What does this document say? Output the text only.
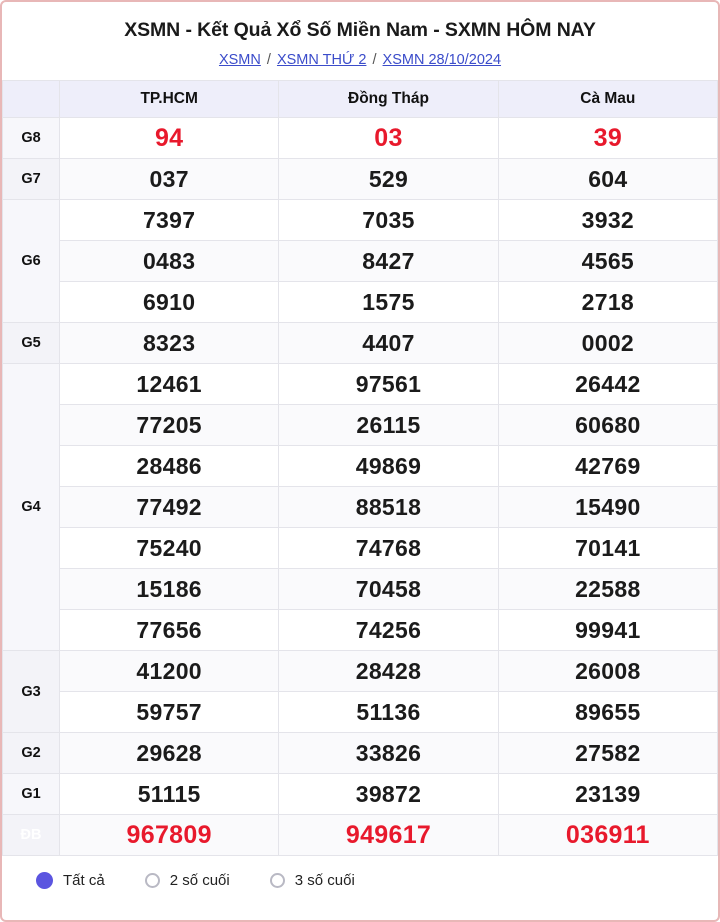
XSMN - Kết Quả Xổ Số Miền Nam - SXMN HÔM NAY
XSMN / XSMN THỨ 2 / XSMN 28/10/2024
	TP.HCM	Đồng Tháp	Cà Mau
G8	94	03	39
G7	037	529	604
G6	7397	7035	3932
	0483	8427	4565
	6910	1575	2718
G5	8323	4407	0002
G4	12461	97561	26442
	77205	26115	60680
	28486	49869	42769
	77492	88518	15490
	75240	74768	70141
	15186	70458	22588
	77656	74256	99941
G3	41200	28428	26008
	59757	51136	89655
G2	29628	33826	27582
G1	51115	39872	23139
ĐB	967809	949617	036911
Tất cả	2 số cuối	3 số cuối
